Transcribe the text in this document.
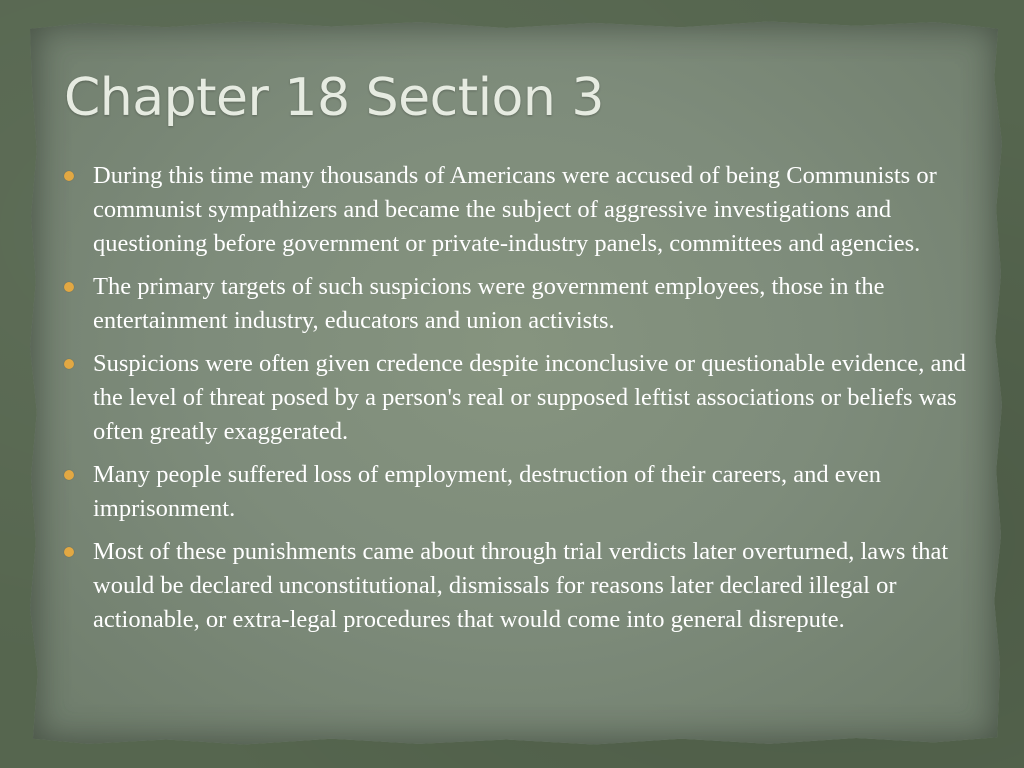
Chapter 18 Section 3
During this time many thousands of Americans were accused of being Communists or communist sympathizers and became the subject of aggressive investigations and questioning before government or private-industry panels, committees and agencies.
The primary targets of such suspicions were government employees, those in the entertainment industry, educators and union activists.
Suspicions were often given credence despite inconclusive or questionable evidence, and the level of threat posed by a person's real or supposed leftist associations or beliefs was often greatly exaggerated.
Many people suffered loss of employment, destruction of their careers, and even imprisonment.
Most of these punishments came about through trial verdicts later overturned, laws that would be declared unconstitutional, dismissals for reasons later declared illegal or actionable, or extra-legal procedures that would come into general disrepute.
